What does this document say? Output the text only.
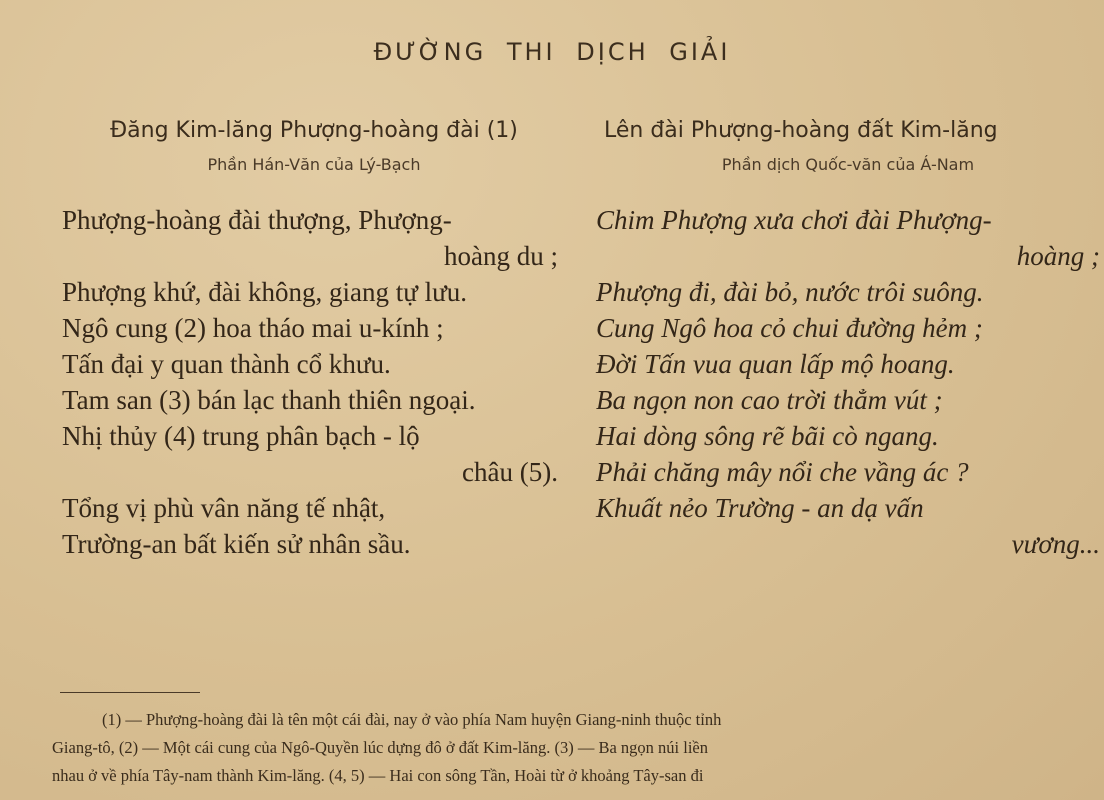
ĐƯỜNG THI DỊCH GIẢI
Đăng Kim-lăng Phượng-hoàng đài (1)
Phần Hán-Văn của Lý-Bạch
Phượng-hoàng đài thượng, Phượng-
hoàng du ;
Phượng khứ, đài không, giang tự lưu.
Ngô cung (2) hoa tháo mai u-kính ;
Tấn đại y quan thành cổ khưu.
Tam san (3) bán lạc thanh thiên ngoại.
Nhị thủy (4) trung phân bạch - lộ
châu (5).
Tổng vị phù vân năng tế nhật,
Trường-an bất kiến sử nhân sầu.
Lên đài Phượng-hoàng đất Kim-lăng
Phần dịch Quốc-văn của Á-Nam
Chim Phượng xưa chơi đài Phượng-
hoàng ;
Phượng đi, đài bỏ, nước trôi suông.
Cung Ngô hoa cỏ chui đường hẻm ;
Đời Tấn vua quan lấp mộ hoang.
Ba ngọn non cao trời thẳm vút ;
Hai dòng sông rẽ bãi cò ngang.
Phải chăng mây nổi che vầng ác ?
Khuất nẻo Trường - an dạ vấn
vương...
(1) — Phượng-hoàng đài là tên một cái đài, nay ở vào phía Nam huyện Giang-ninh thuộc tỉnh
Giang-tô, (2) — Một cái cung của Ngô-Quyền lúc dựng đô ở đất Kim-lăng. (3) — Ba ngọn núi liền
nhau ở về phía Tây-nam thành Kim-lăng. (4, 5) — Hai con sông Tần, Hoài từ ở khoảng Tây-san đi
